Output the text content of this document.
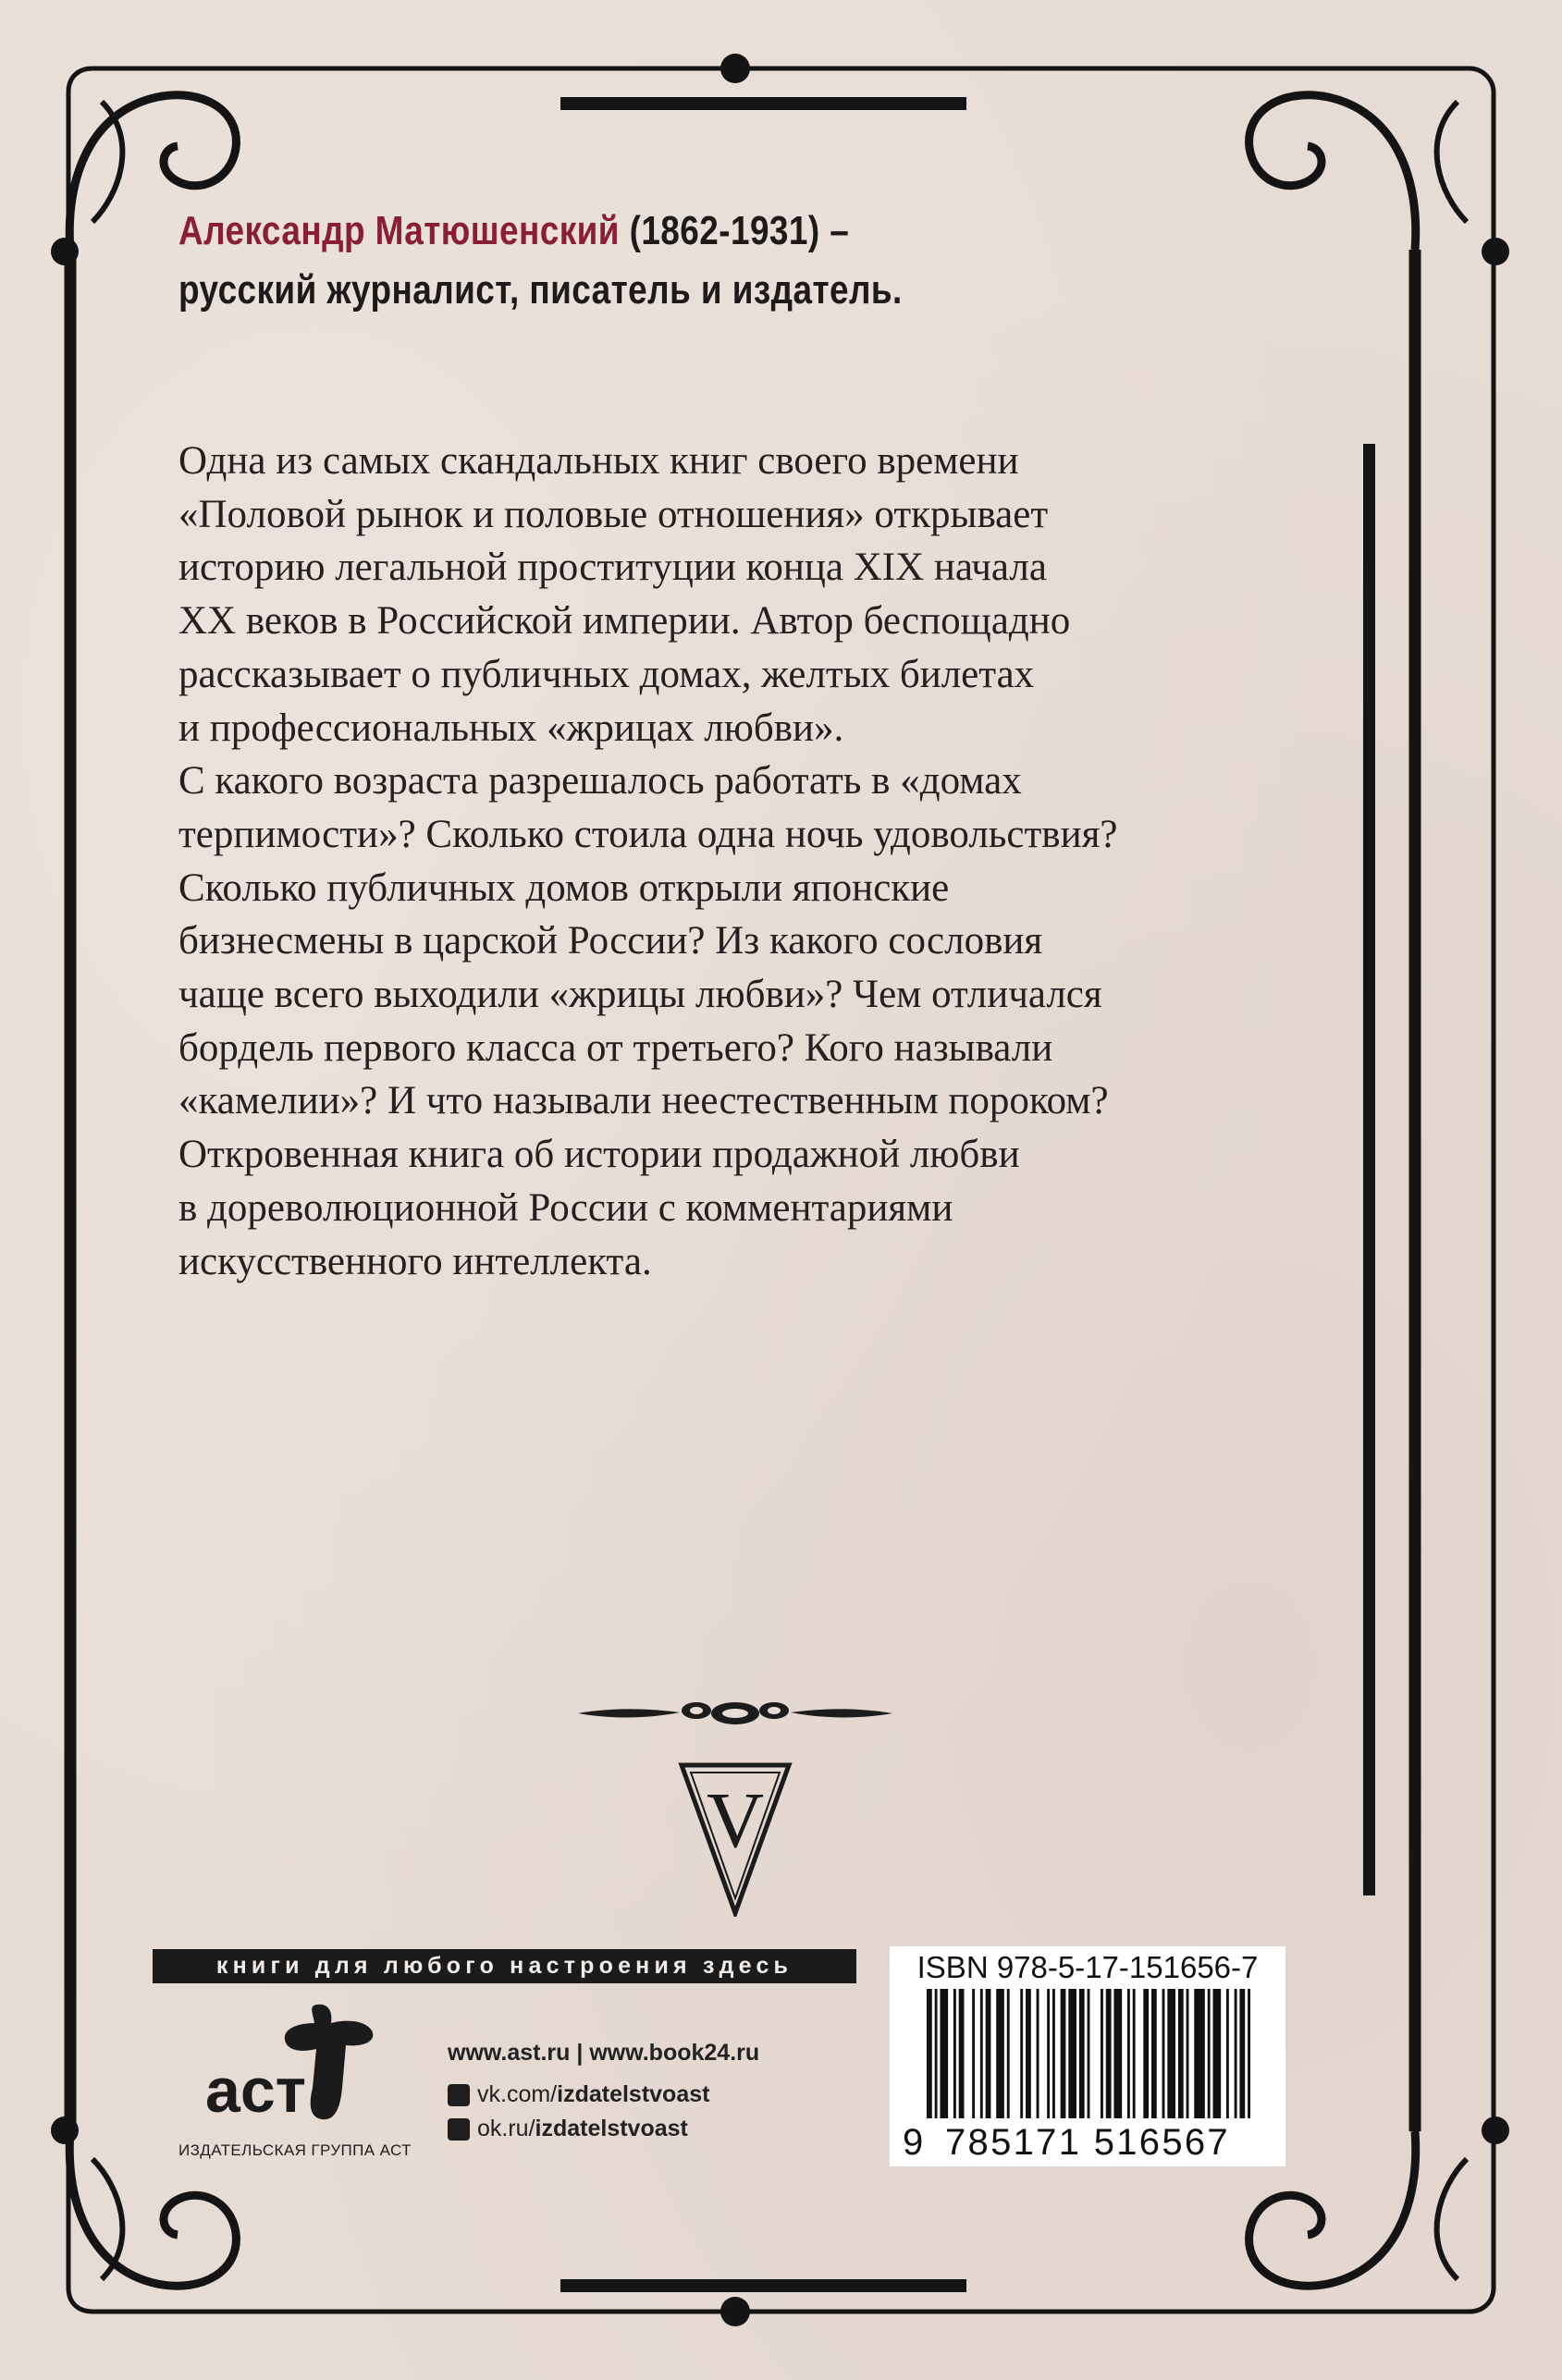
Александр Матюшенский (1862-1931) –
русский журналист, писатель и издатель.

Одна из самых скандальных книг своего времени

«Половой рынок и половые отношения» открывает

историю легальной проституции конца XIX начала

XX веков в Российской империи. Автор беспощадно

рассказывает о публичных домах, желтых билетах

и профессиональных «жрицах любви».

С какого возраста разрешалось работать в «домах

терпимости»? Сколько стоила одна ночь удовольствия?

Сколько публичных домов открыли японские

бизнесмены в царской России? Из какого сословия

чаще всего выходили «жрицы любви»? Чем отличался

бордель первого класса от третьего? Кого называли

«камелии»? И что называли неестественным пороком?

Откровенная книга об истории продажной любви

в дореволюционной России с комментариями

искусственного интеллекта.

V
книги для любого настроения здесь
аст
ИЗДАТЕЛЬСКАЯ ГРУППА АСТ
www.ast.ru | www.book24.ru
vk.com/ izdatelstvoast
ok.ru/ izdatelstvoast
ISBN 978-5-17-151656-7
9 785171 516567
